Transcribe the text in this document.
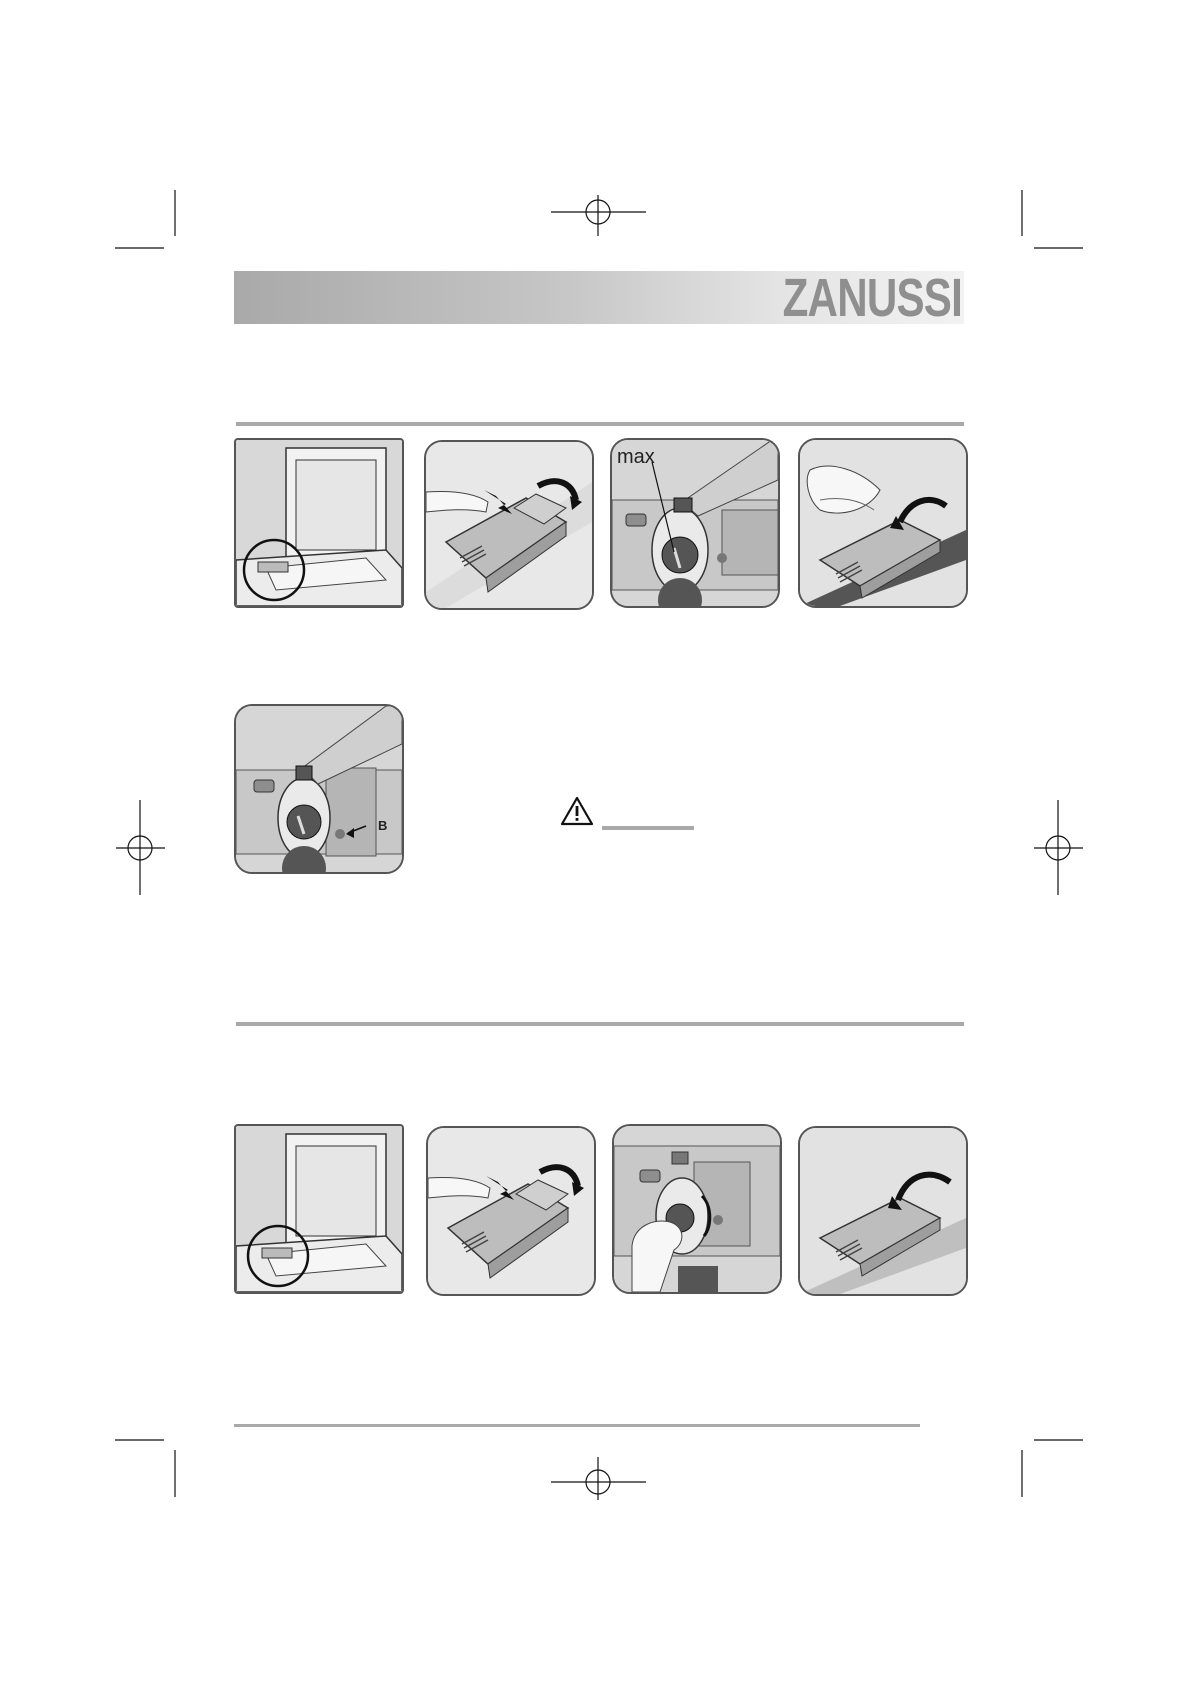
ZANUSSI
max
B
